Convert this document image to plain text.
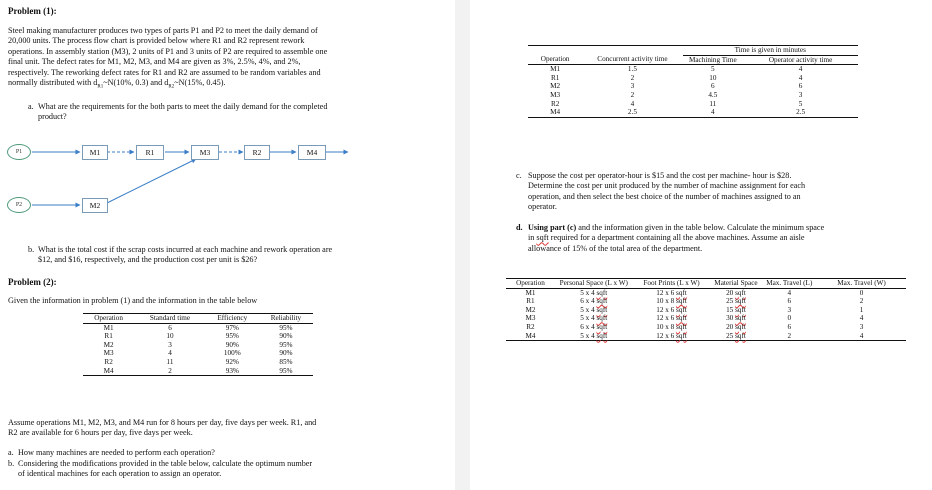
Problem (1):
Steel making manufacturer produces two types of parts P1 and P2 to meet the daily demand of
20,000 units. The process flow chart is provided below where R1 and R2 represent rework
operations. In assembly station (M3), 2 units of P1 and 3 units of P2 are required to assemble one
final unit. The defect rates for M1, M2, M3, and M4 are given as 3%, 2.5%, 4%, and 2%,
respectively. The reworking defect rates for R1 and R2 are assumed to be random variables and
normally distributed with $d_{R1}\sim N(10\%$, 0.3) and $d_{R2}\sim N(15\%$, 0.45).
a. What are the requirements for the both parts to meet the daily demand for the completed
product?
P1	M1	R1	M3	R2	M4
P2	M2
b. What is the total cost if the scrap costs incurred at each machine and rework operation are
$12, and $16, respectively, and the production cost per unit is $26?
Problem (2):
Given the information in problem (1) and the information in the table below
Operation	Standard time	Efficiency	Reliability
M1	6	97%	95%
R1	10	95%	90%
M2	3	90%	95%
M3	4	100%	90%
R2	11	92%	85%
M4	2	93%	95%
Assume operations M1, M2, M3, and M4 run for 8 hours per day, five days per week. R1, and
R2 are available for 6 hours per day, five days per week.
a. How many machines are needed to perform each operation?
b. Considering the modifications provided in the table below, calculate the optimum number
of identical machines for each operation to assign an operator.
		Time is given in minutes	
Operation	Concurrent activity time	Machining Time	Operator activity time
M1	1.5	5	4
R1	2	10	4
M2	3	6	6
M3	2	4.5	3
R2	4	11	5
M4	2.5	4	2.5
c. Suppose the cost per operator-hour is $15 and the cost per machine- hour is $28.
Determine the cost per unit produced by the number of machine assignment for each
operation, and then select the best choice of the number of machines assigned to an
operator.
d. Using part (c) and the information given in the table below. Calculate the minimum space
in sqft required for a department containing all the above machines. Assume an aisle
allowance of 15% of the total area of the department.
Operation	Personal Space (L x W)	Foot Prints (L x W)	Material Space	Max. Travel (L)	Max. Travel (W)
M1	5 x 4 sqft	12 x 6 sqft	20 sqft	4	0
R1	6 x 4 sqft	10 x 8 sqft	25 sqft	6	2
M2	5 x 4 sqft	12 x 6 sqft	15 sqft	3	1
M3	5 x 4 sqft	12 x 6 sqft	30 sqft	0	4
R2	6 x 4 sqft	10 x 8 sqft	20 sqft	6	3
M4	5 x 4 sqft	12 x 6 sqft	25 sqft	2	4
